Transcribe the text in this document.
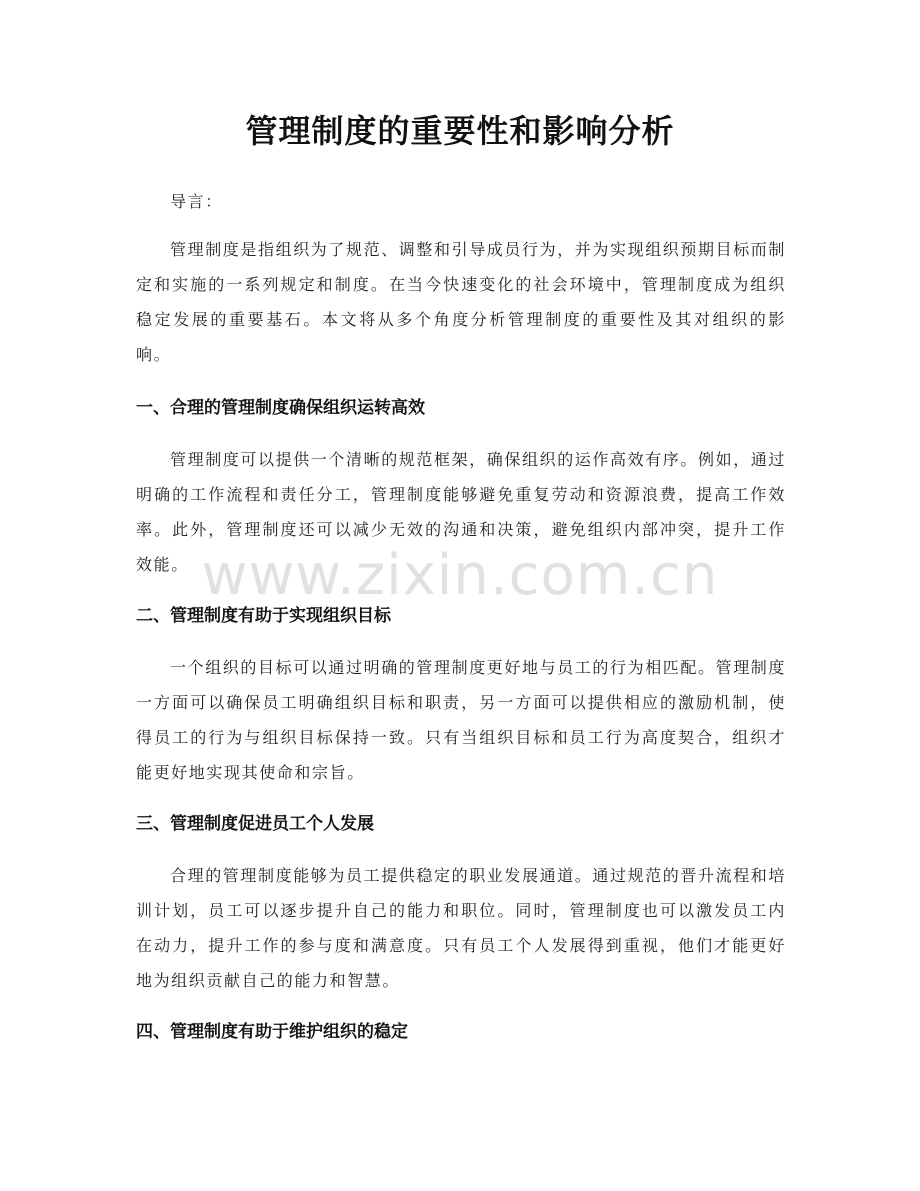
管理制度的重要性和影响分析

导言：

管理制度是指组织为了规范、调整和引导成员行为，并为实现组织预期目标而制定和实施的一系列规定和制度。在当今快速变化的社会环境中，管理制度成为组织稳定发展的重要基石。本文将从多个角度分析管理制度的重要性及其对组织的影响。

一、合理的管理制度确保组织运转高效

管理制度可以提供一个清晰的规范框架，确保组织的运作高效有序。例如，通过明确的工作流程和责任分工，管理制度能够避免重复劳动和资源浪费，提高工作效率。此外，管理制度还可以减少无效的沟通和决策，避免组织内部冲突，提升工作效能。

二、管理制度有助于实现组织目标

一个组织的目标可以通过明确的管理制度更好地与员工的行为相匹配。管理制度一方面可以确保员工明确组织目标和职责，另一方面可以提供相应的激励机制，使得员工的行为与组织目标保持一致。只有当组织目标和员工行为高度契合，组织才能更好地实现其使命和宗旨。

三、管理制度促进员工个人发展

合理的管理制度能够为员工提供稳定的职业发展通道。通过规范的晋升流程和培训计划，员工可以逐步提升自己的能力和职位。同时，管理制度也可以激发员工内在动力，提升工作的参与度和满意度。只有员工个人发展得到重视，他们才能更好地为组织贡献自己的能力和智慧。

四、管理制度有助于维护组织的稳定
www.zixin.com.cn
